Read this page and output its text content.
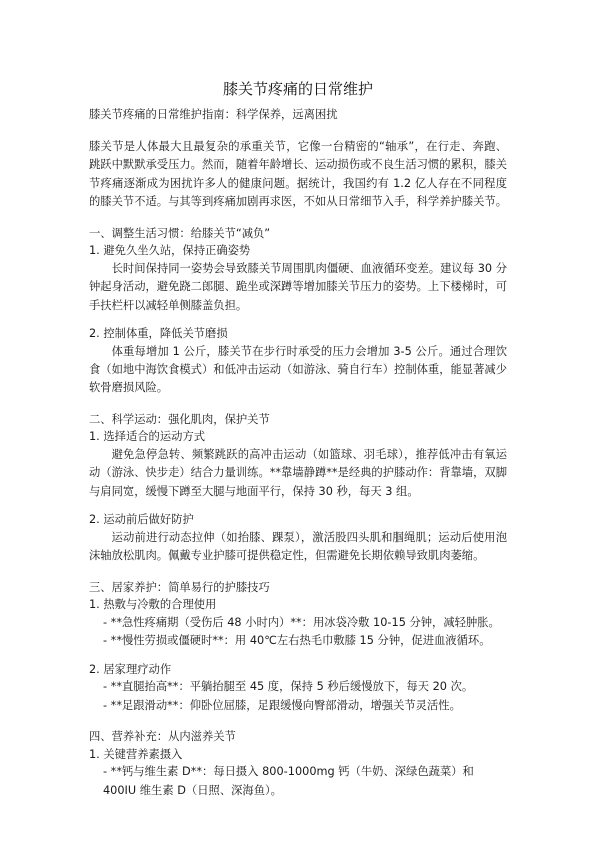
膝关节疼痛的日常维护

膝关节疼痛的日常维护指南：科学保养，远离困扰

膝关节是人体最大且最复杂的承重关节，它像一台精密的“轴承”，在行走、奔跑、跳跃中默默承受压力。然而，随着年龄增长、运动损伤或不良生活习惯的累积，膝关节疼痛逐渐成为困扰许多人的健康问题。据统计，我国约有 1.2 亿人存在不同程度的膝关节不适。与其等到疼痛加剧再求医，不如从日常细节入手，科学养护膝关节。

一、调整生活习惯：给膝关节“减负”

1. 避免久坐久站，保持正确姿势

长时间保持同一姿势会导致膝关节周围肌肉僵硬、血液循环变差。建议每 30 分钟起身活动，避免跷二郎腿、跪坐或深蹲等增加膝关节压力的姿势。上下楼梯时，可手扶栏杆以减轻单侧膝盖负担。

2. 控制体重，降低关节磨损

体重每增加 1 公斤，膝关节在步行时承受的压力会增加 3-5 公斤。通过合理饮食（如地中海饮食模式）和低冲击运动（如游泳、骑自行车）控制体重，能显著减少软骨磨损风险。

二、科学运动：强化肌肉，保护关节

1. 选择适合的运动方式

避免急停急转、频繁跳跃的高冲击运动（如篮球、羽毛球），推荐低冲击有氧运动（游泳、快步走）结合力量训练。**靠墙静蹲**是经典的护膝动作：背靠墙，双脚与肩同宽，缓慢下蹲至大腿与地面平行，保持 30 秒，每天 3 组。

2. 运动前后做好防护

运动前进行动态拉伸（如抬膝、踝泵），激活股四头肌和腘绳肌；运动后使用泡沫轴放松肌肉。佩戴专业护膝可提供稳定性，但需避免长期依赖导致肌肉萎缩。

三、居家养护：简单易行的护膝技巧

1. 热敷与冷敷的合理使用

- **急性疼痛期（受伤后 48 小时内）**：用冰袋冷敷 10-15 分钟，减轻肿胀。

- **慢性劳损或僵硬时**：用 40℃左右热毛巾敷膝 15 分钟，促进血液循环。

2. 居家理疗动作

- **直腿抬高**：平躺抬腿至 45 度，保持 5 秒后缓慢放下，每天 20 次。

- **足跟滑动**：仰卧位屈膝，足跟缓慢向臀部滑动，增强关节灵活性。

四、营养补充：从内滋养关节

1. 关键营养素摄入

- **钙与维生素 D**：每日摄入 800-1000mg 钙（牛奶、深绿色蔬菜）和 400IU 维生素 D（日照、深海鱼）。
